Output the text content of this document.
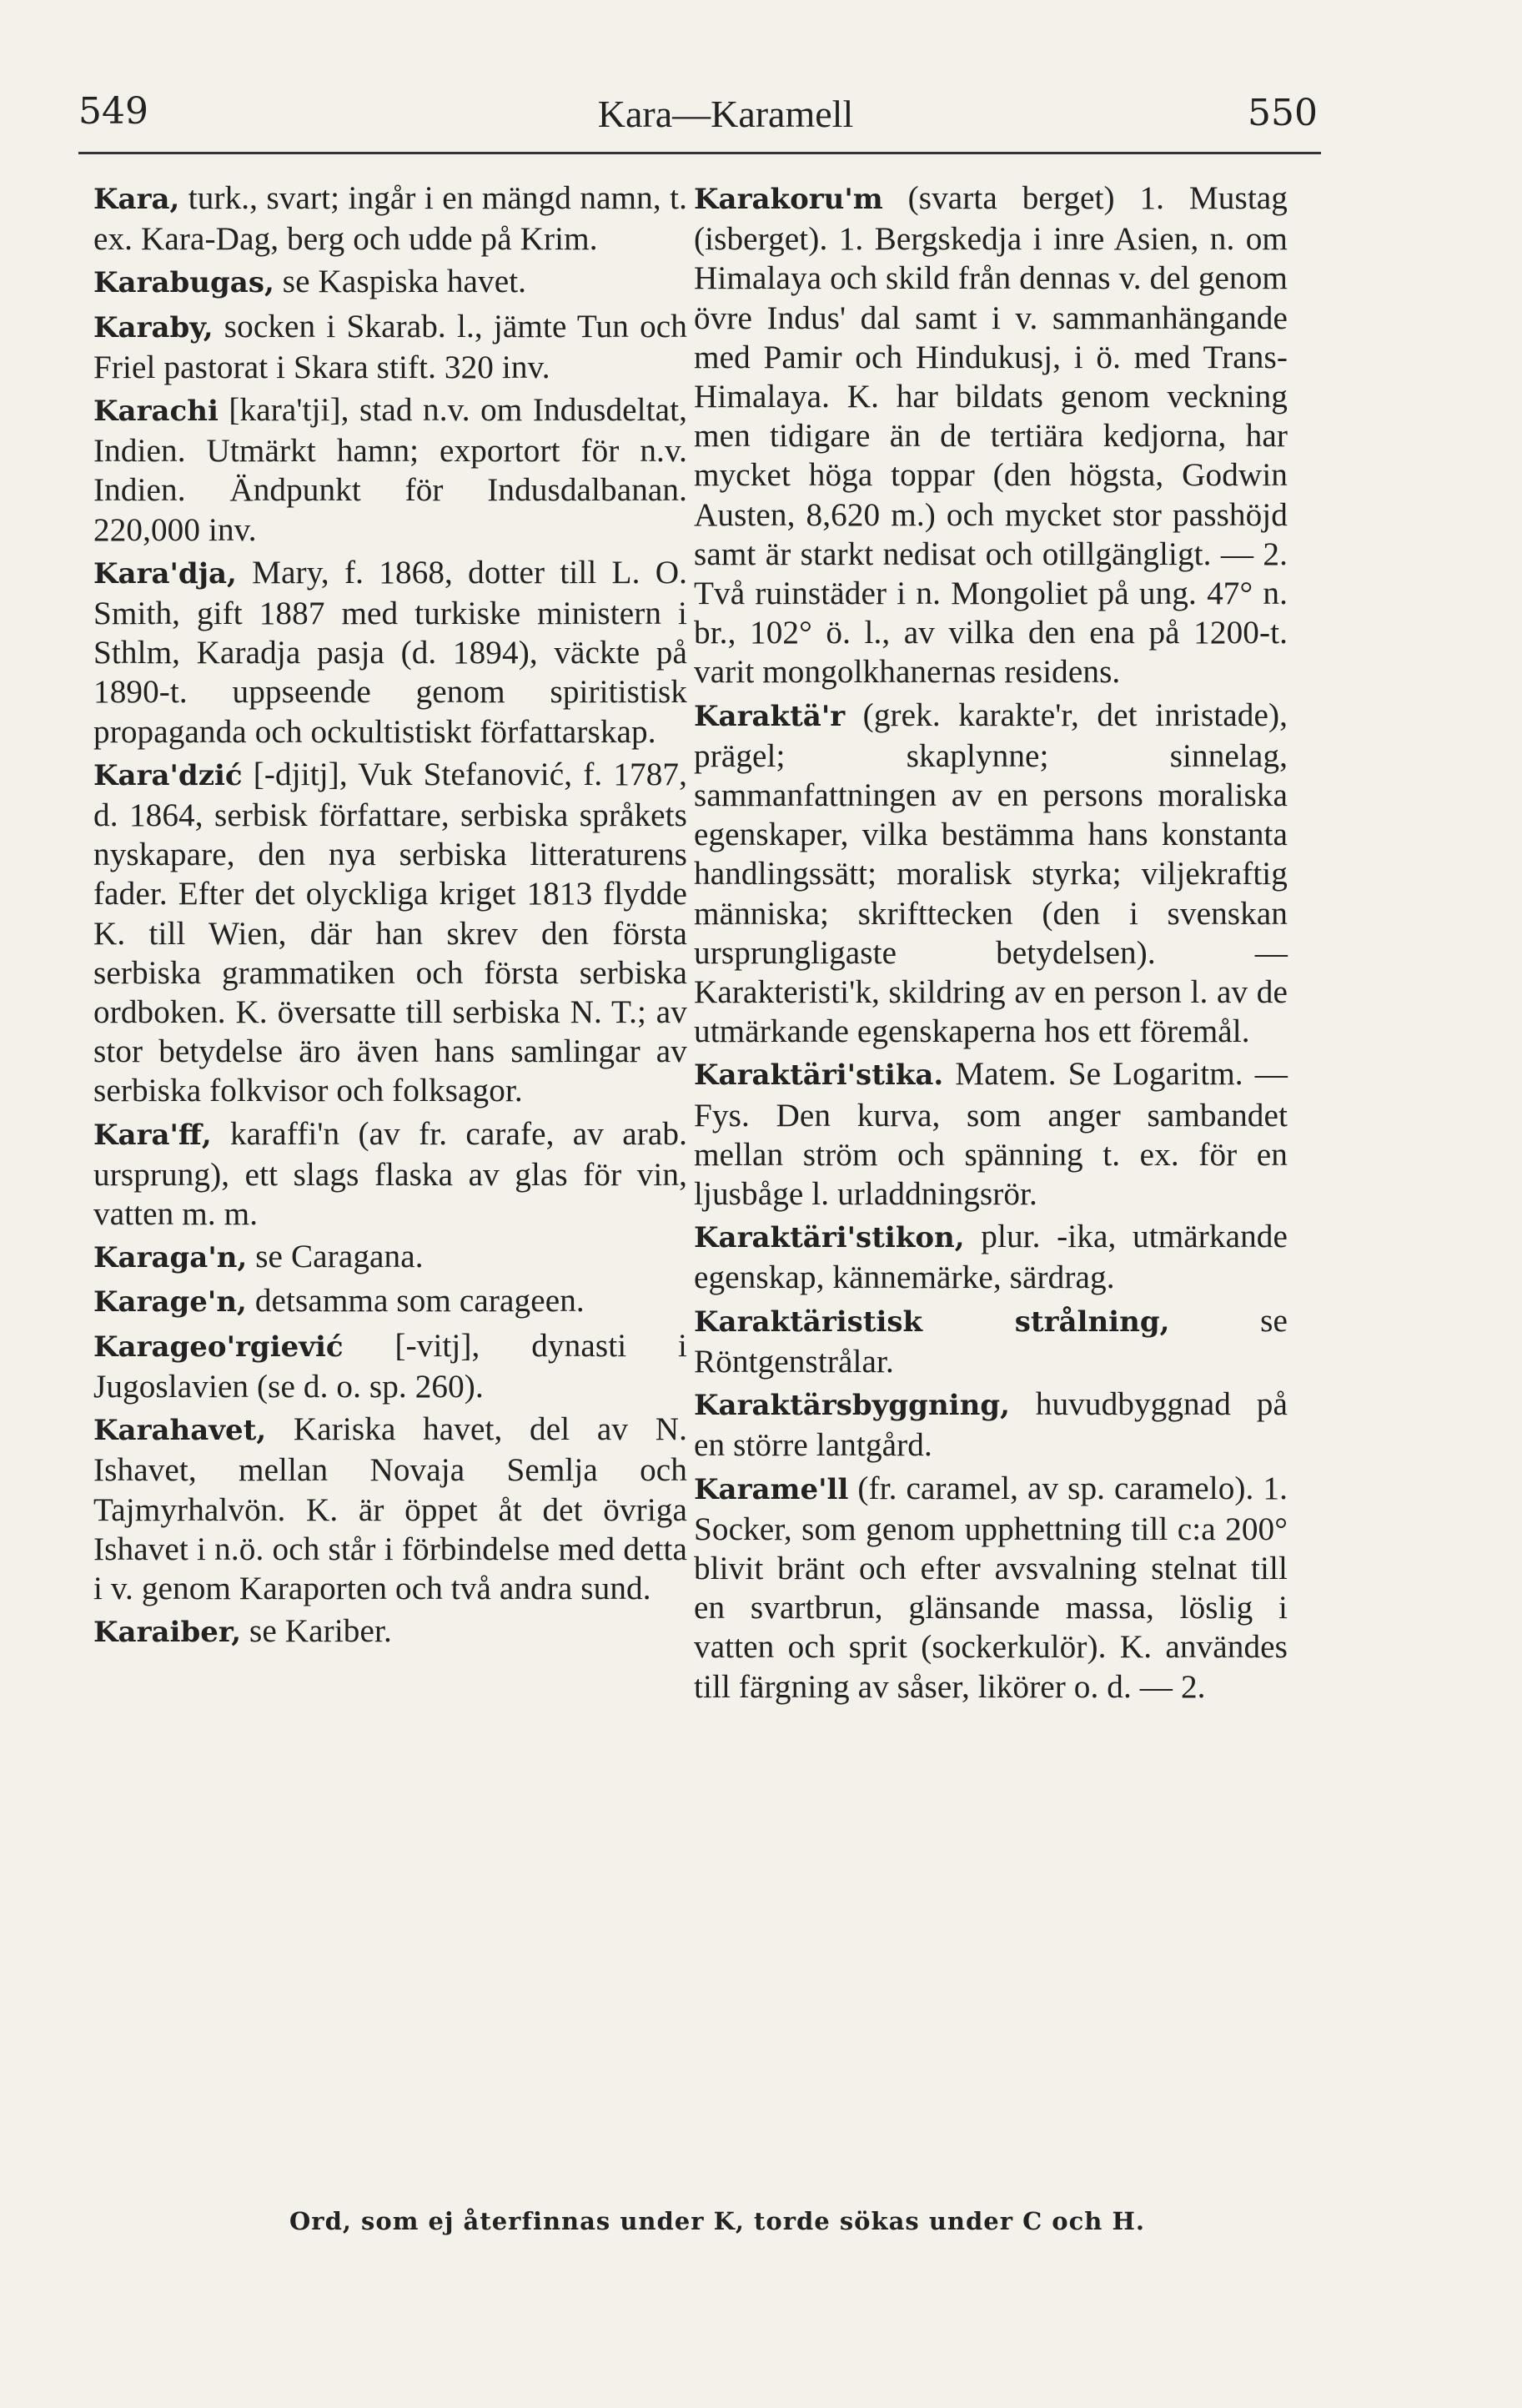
549	Kara—Karamell	550

Kara, turk., svart; ingår i en mängd namn, t. ex. Kara-Dag, berg och udde på Krim.

Karabugas, se Kaspiska havet.

Karaby, socken i Skarab. l., jämte Tun och Friel pastorat i Skara stift. 320 inv.

Karachi [kara'tji], stad n.v. om Indusdeltat, Indien. Utmärkt hamn; exportort för n.v. Indien. Ändpunkt för Indusdalbanan. 220,000 inv.

Kara'dja, Mary, f. 1868, dotter till L. O. Smith, gift 1887 med turkiske ministern i Sthlm, Karadja pasja (d. 1894), väckte på 1890-t. uppseende genom spiritistisk propaganda och ockultistiskt författarskap.

Kara'dzić [-djitj], Vuk Stefanović, f. 1787, d. 1864, serbisk författare, serbiska språkets nyskapare, den nya serbiska litteraturens fader. Efter det olyckliga kriget 1813 flydde K. till Wien, där han skrev den första serbiska grammatiken och första serbiska ordboken. K. översatte till serbiska N. T.; av stor betydelse äro även hans samlingar av serbiska folkvisor och folksagor.

Kara'ff, karaffi'n (av fr. carafe, av arab. ursprung), ett slags flaska av glas för vin, vatten m. m.

Karaga'n, se Caragana.

Karage'n, detsamma som carageen.

Karageo'rgiević [-vitj], dynasti i Jugoslavien (se d. o. sp. 260).

Karahavet, Kariska havet, del av N. Ishavet, mellan Novaja Semlja och Tajmyrhalvön. K. är öppet åt det övriga Ishavet i n.ö. och står i förbindelse med detta i v. genom Karaporten och två andra sund.

Karaiber, se Kariber.

Karakoru'm (svarta berget) 1. Mustag (isberget). 1. Bergskedja i inre Asien, n. om Himalaya och skild från dennas v. del genom övre Indus' dal samt i v. sammanhängande med Pamir och Hindukusj, i ö. med Trans-Himalaya. K. har bildats genom veckning men tidigare än de tertiära kedjorna, har mycket höga toppar (den högsta, Godwin Austen, 8,620 m.) och mycket stor passhöjd samt är starkt nedisat och otillgängligt. — 2. Två ruinstäder i n. Mongoliet på ung. 47° n. br., 102° ö. l., av vilka den ena på 1200-t. varit mongolkhanernas residens.

Karaktä'r (grek. karakte'r, det inristade), prägel; skaplynne; sinnelag, sammanfattningen av en persons moraliska egenskaper, vilka bestämma hans konstanta handlingssätt; moralisk styrka; viljekraftig människa; skrifttecken (den i svenskan ursprungligaste betydelsen). — Karakteristi'k, skildring av en person l. av de utmärkande egenskaperna hos ett föremål.

Karaktäri'stika. Matem. Se Logaritm. — Fys. Den kurva, som anger sambandet mellan ström och spänning t. ex. för en ljusbåge l. urladdningsrör.

Karaktäri'stikon, plur. -ika, utmärkande egenskap, kännemärke, särdrag.

Karaktäristisk strålning,	se Röntgenstrålar.

Karaktärsbyggning, huvudbyggnad på en större lantgård.

Karame'll (fr. caramel, av sp. caramelo). 1. Socker, som genom upphettning till c:a 200° blivit bränt och efter avsvalning stelnat till en svartbrun, glänsande massa, löslig i vatten och sprit (sockerkulör). K. användes till färgning av såser, likörer o. d. — 2.

Ord, som ej återfinnas under K, torde sökas under C och H.
